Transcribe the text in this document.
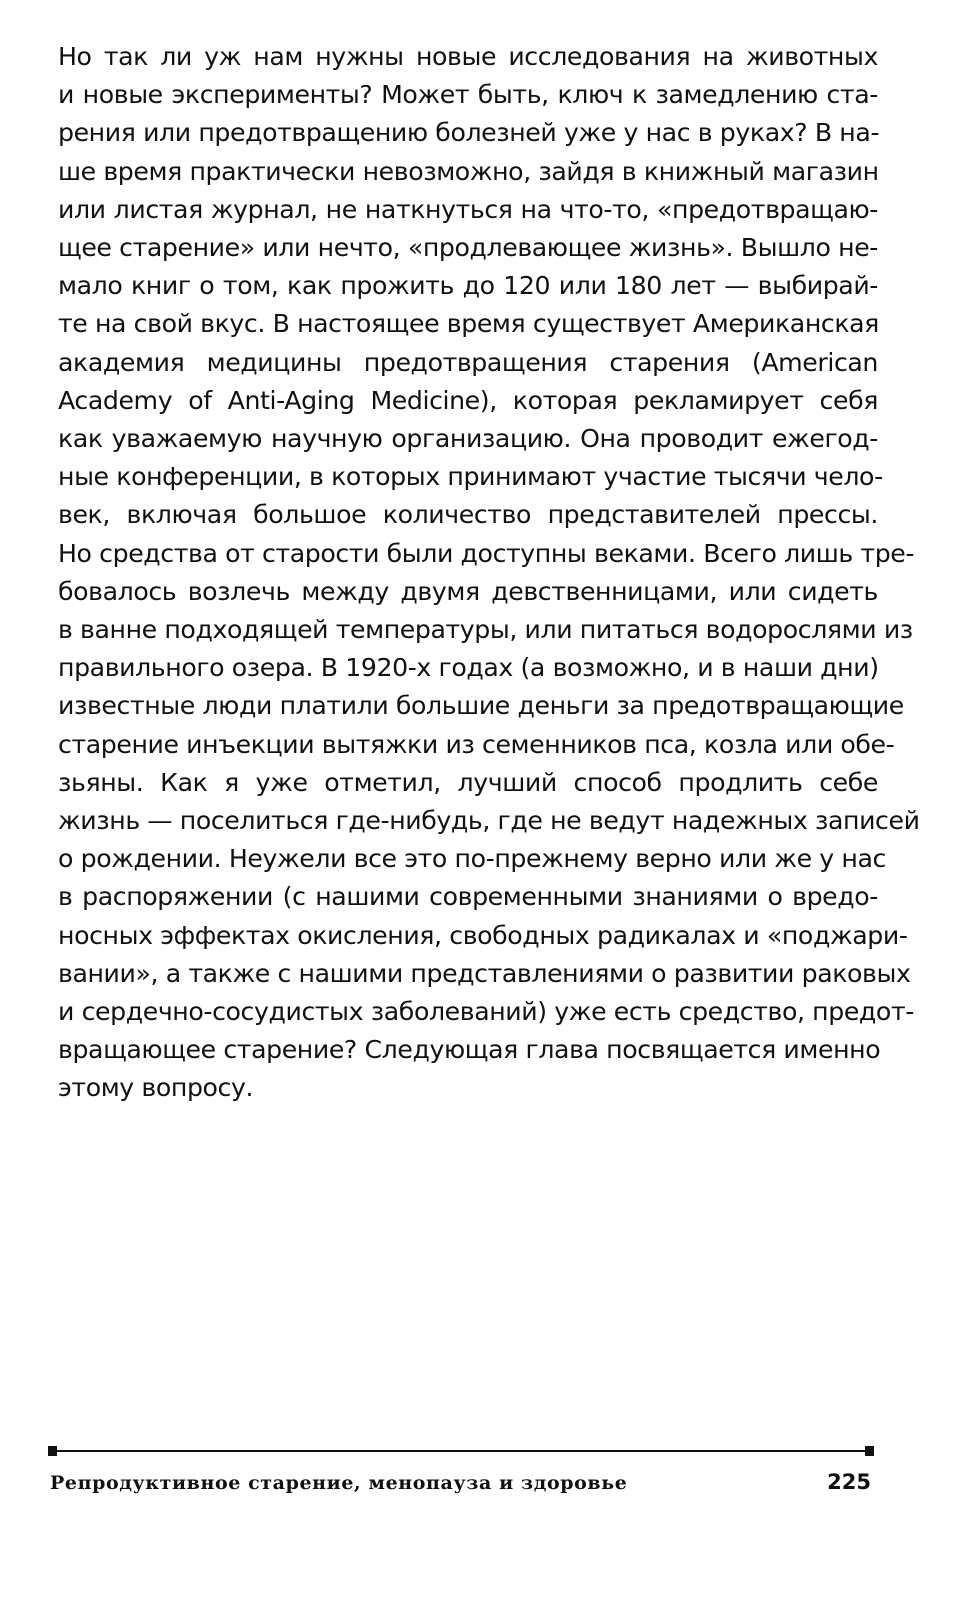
Но так ли уж нам нужны новые исследования на животных
и новые эксперименты? Может быть, ключ к замедлению ста-
рения или предотвращению болезней уже у нас в руках? В на-
ше время практически невозможно, зайдя в книжный магазин
или листая журнал, не наткнуться на что-то, «предотвращаю-
щее старение» или нечто, «продлевающее жизнь». Вышло не-
мало книг о том, как прожить до 120 или 180 лет — выбирай-
те на свой вкус. В настоящее время существует Американская
академия медицины предотвращения старения (American
Academy of Anti-Aging Medicine), которая рекламирует себя
как уважаемую научную организацию. Она проводит ежегод-
ные конференции, в которых принимают участие тысячи чело-
век, включая большое количество представителей прессы.
Но средства от старости были доступны веками. Всего лишь тре-
бовалось возлечь между двумя девственницами, или сидеть
в ванне подходящей температуры, или питаться водорослями из
правильного озера. В 1920-х годах (а возможно, и в наши дни)
известные люди платили большие деньги за предотвращающие
старение инъекции вытяжки из семенников пса, козла или обе-
зьяны. Как я уже отметил, лучший способ продлить себе
жизнь — поселиться где-нибудь, где не ведут надежных записей
о рождении. Неужели все это по-прежнему верно или же у нас
в распоряжении (с нашими современными знаниями о вредо-
носных эффектах окисления, свободных радикалах и «поджари-
вании», а также с нашими представлениями о развитии раковых
и сердечно-сосудистых заболеваний) уже есть средство, предот-
вращающее старение? Следующая глава посвящается именно
этому вопросу.
Репродуктивное старение, менопауза и здоровье	225
